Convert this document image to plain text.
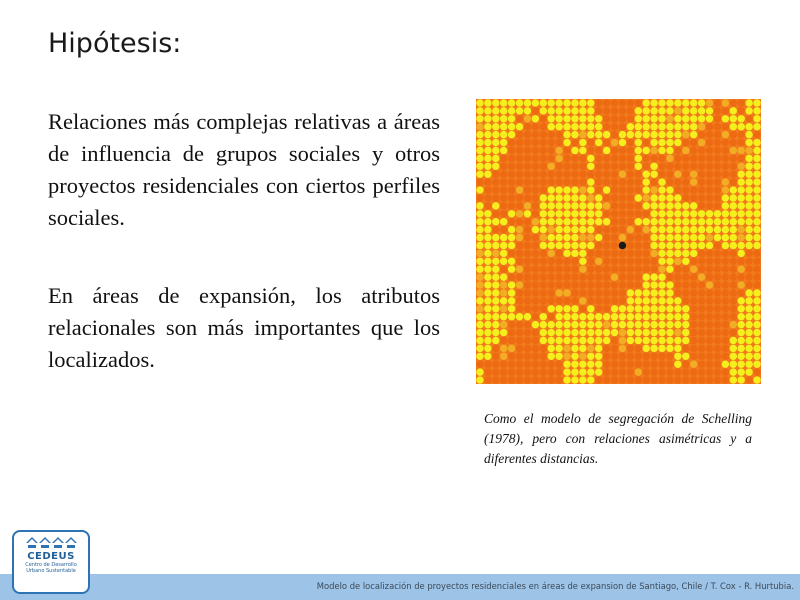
Hipótesis:

Relaciones más complejas relativas a áreas de influencia de grupos sociales y otros proyectos residenciales con ciertos perfiles sociales.

En áreas de expansión, los atributos relacionales son más importantes que los localizados.

Como el modelo de segregación de Schelling (1978), pero con relaciones asimétricas y a diferentes distancias.

Modelo de localización de proyectos residenciales en áreas de expansion de Santiago, Chile / T. Cox - R. Hurtubia.
CEDEUS
Centro de Desarrollo
Urbano Sustentable
